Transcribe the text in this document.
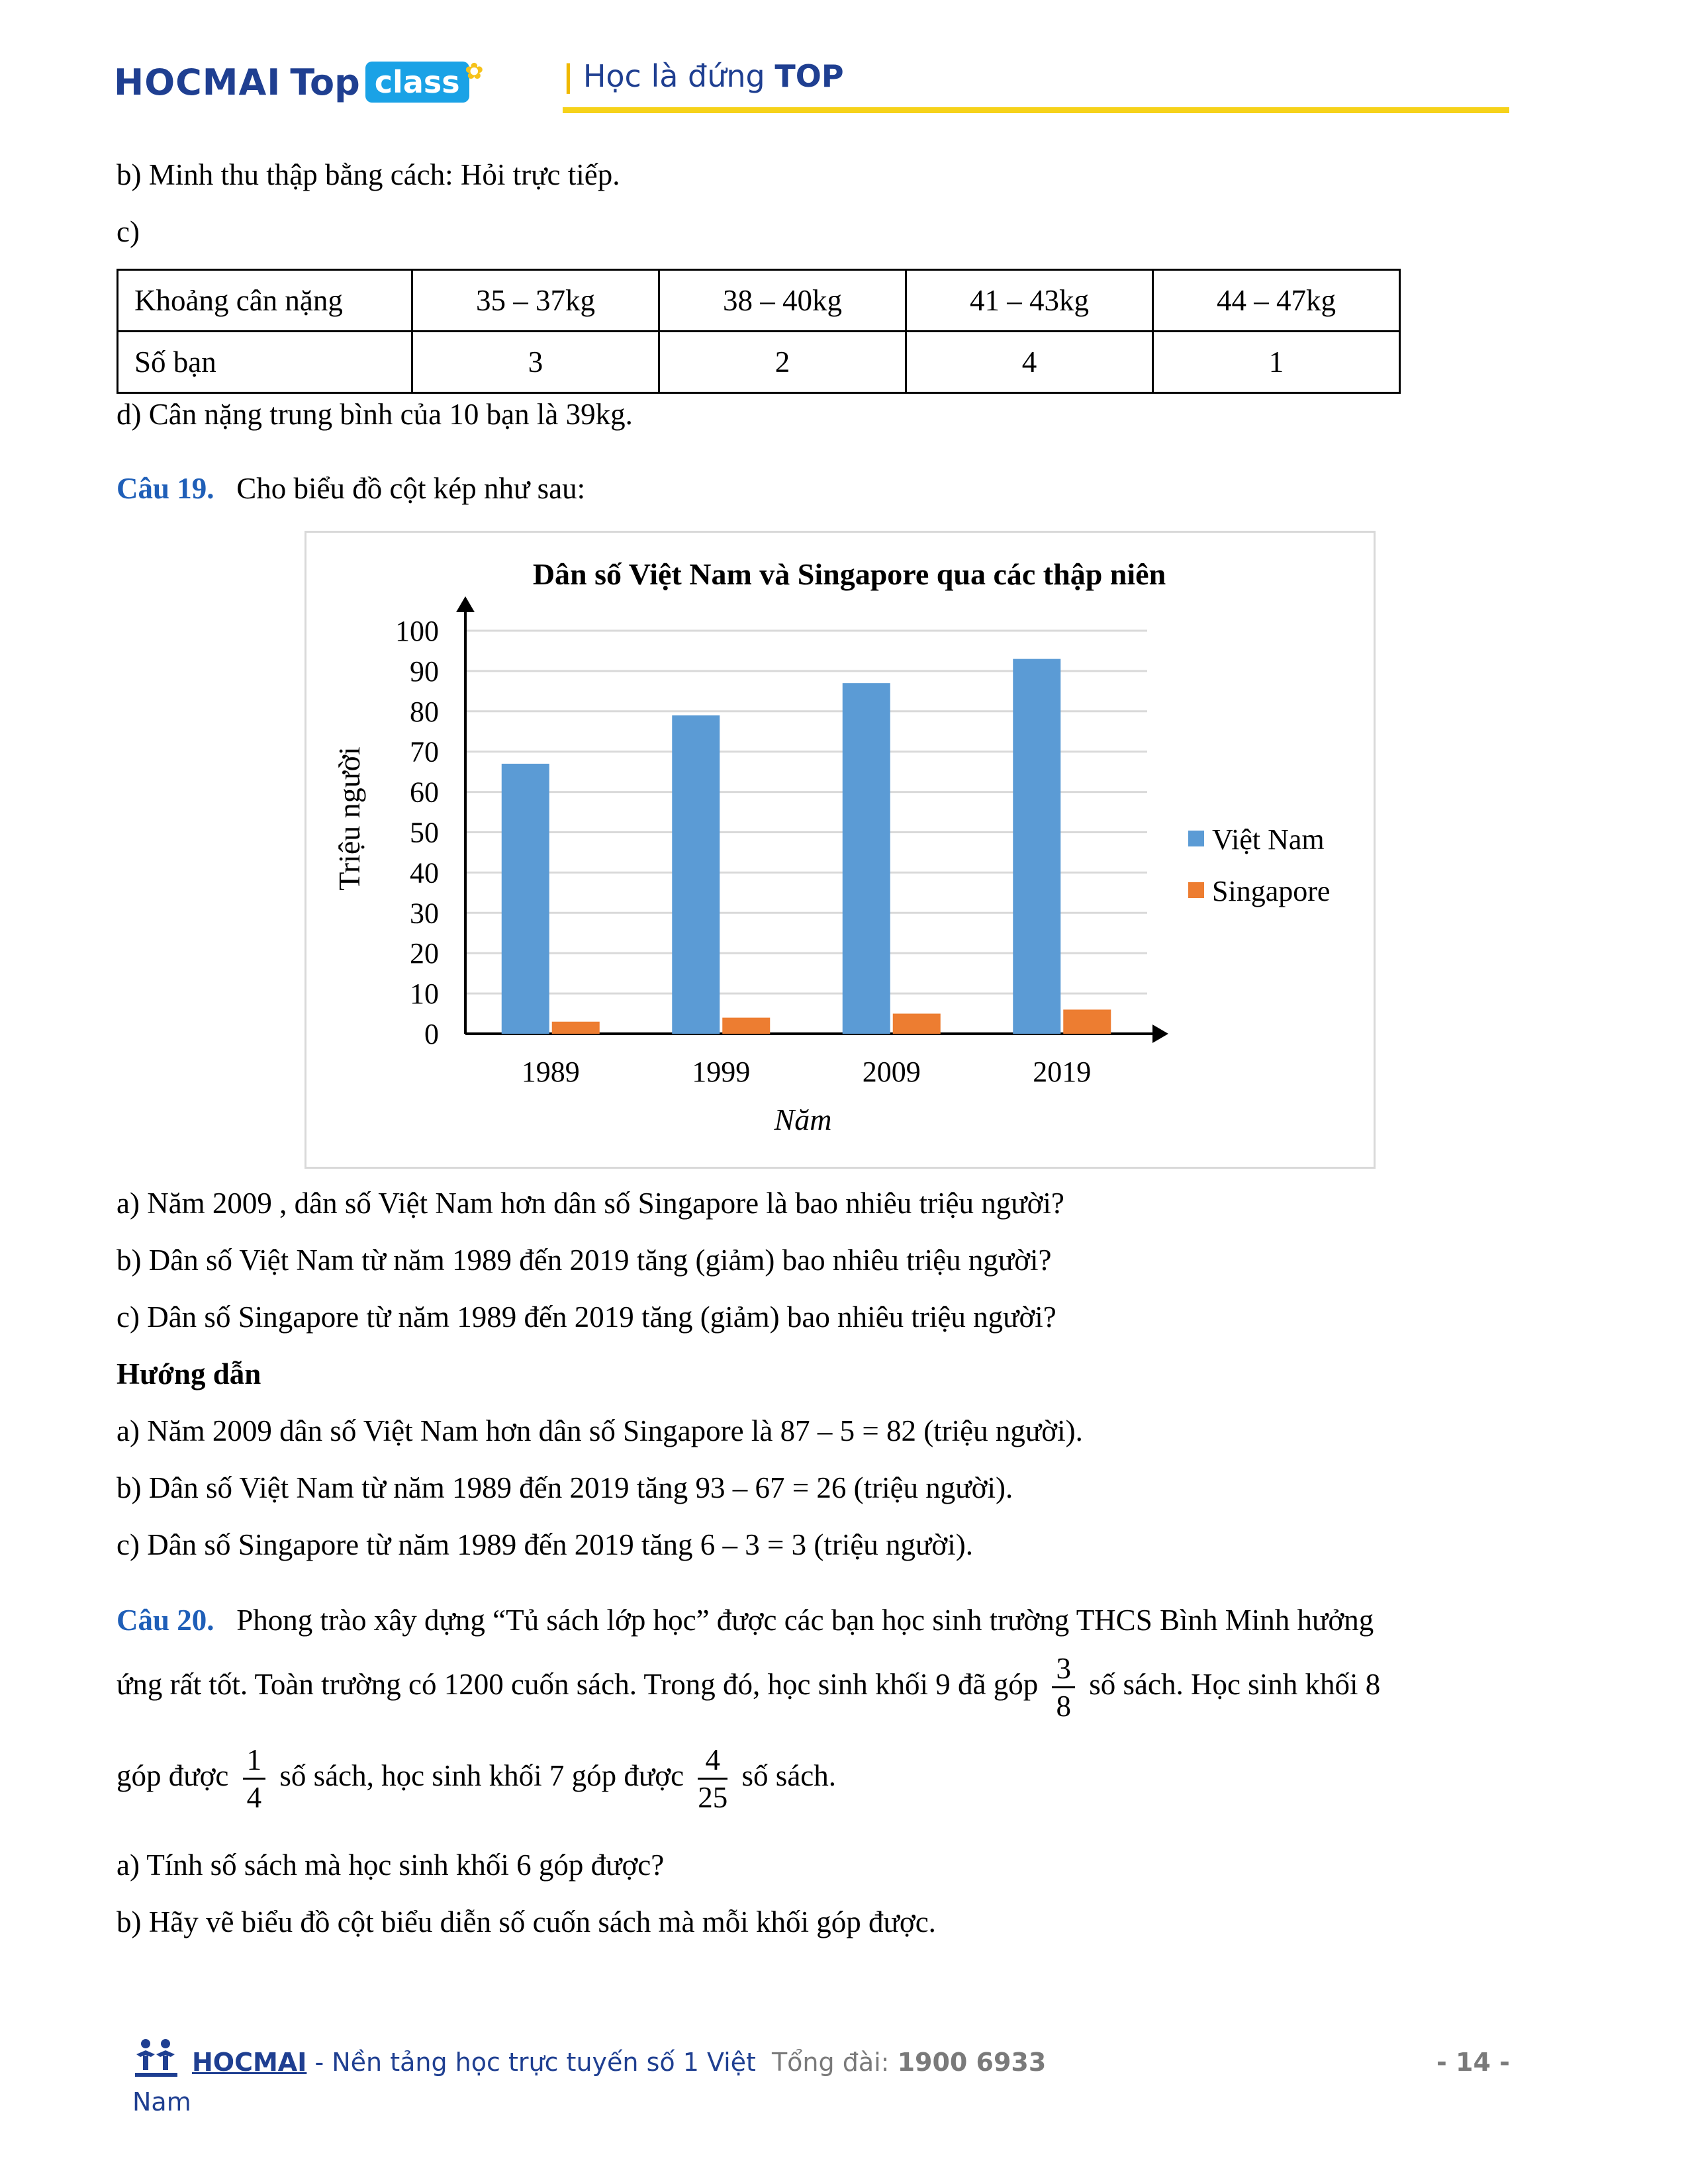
HOCMAI Top class ✿	| Học là đứng TOP
b) Minh thu thập bằng cách: Hỏi trực tiếp.
c)
Khoảng cân nặng	35 – 37kg	38 – 40kg	41 – 43kg	44 – 47kg
Số bạn	3	2	4	1
d) Cân nặng trung bình của 10 bạn là 39kg.
Câu 19. Cho biểu đồ cột kép như sau:
Dân số Việt Nam và Singapore qua các thập niên
0
10
20
30
40
50
60
70
80
90
100
1989	1999	2009	2019
Triệu người
Năm
Việt Nam
Singapore
a) Năm 2009 , dân số Việt Nam hơn dân số Singapore là bao nhiêu triệu người?
b) Dân số Việt Nam từ năm 1989 đến 2019 tăng (giảm) bao nhiêu triệu người?
c) Dân số Singapore từ năm 1989 đến 2019 tăng (giảm) bao nhiêu triệu người?
Hướng dẫn
a) Năm 2009 dân số Việt Nam hơn dân số Singapore là 87 – 5 = 82 (triệu người).
b) Dân số Việt Nam từ năm 1989 đến 2019 tăng 93 – 67 = 26 (triệu người).
c) Dân số Singapore từ năm 1989 đến 2019 tăng 6 – 3 = 3 (triệu người).
Câu 20. Phong trào xây dựng “Tủ sách lớp học” được các bạn học sinh trường THCS Bình Minh hưởng
ứng rất tốt. Toàn trường có 1200 cuốn sách. Trong đó, học sinh khối 9 đã góp $\frac{3}{8}$ số sách. Học sinh khối 8
góp được $\frac{1}{4}$ số sách, học sinh khối 7 góp được $\frac{4}{25}$ số sách.
a) Tính số sách mà học sinh khối 6 góp được?
b) Hãy vẽ biểu đồ cột biểu diễn số cuốn sách mà mỗi khối góp được.
HOCMAI - Nền tảng học trực tuyến số 1 Việt Tổng đài: 1900 6933	- 14 -
Nam
